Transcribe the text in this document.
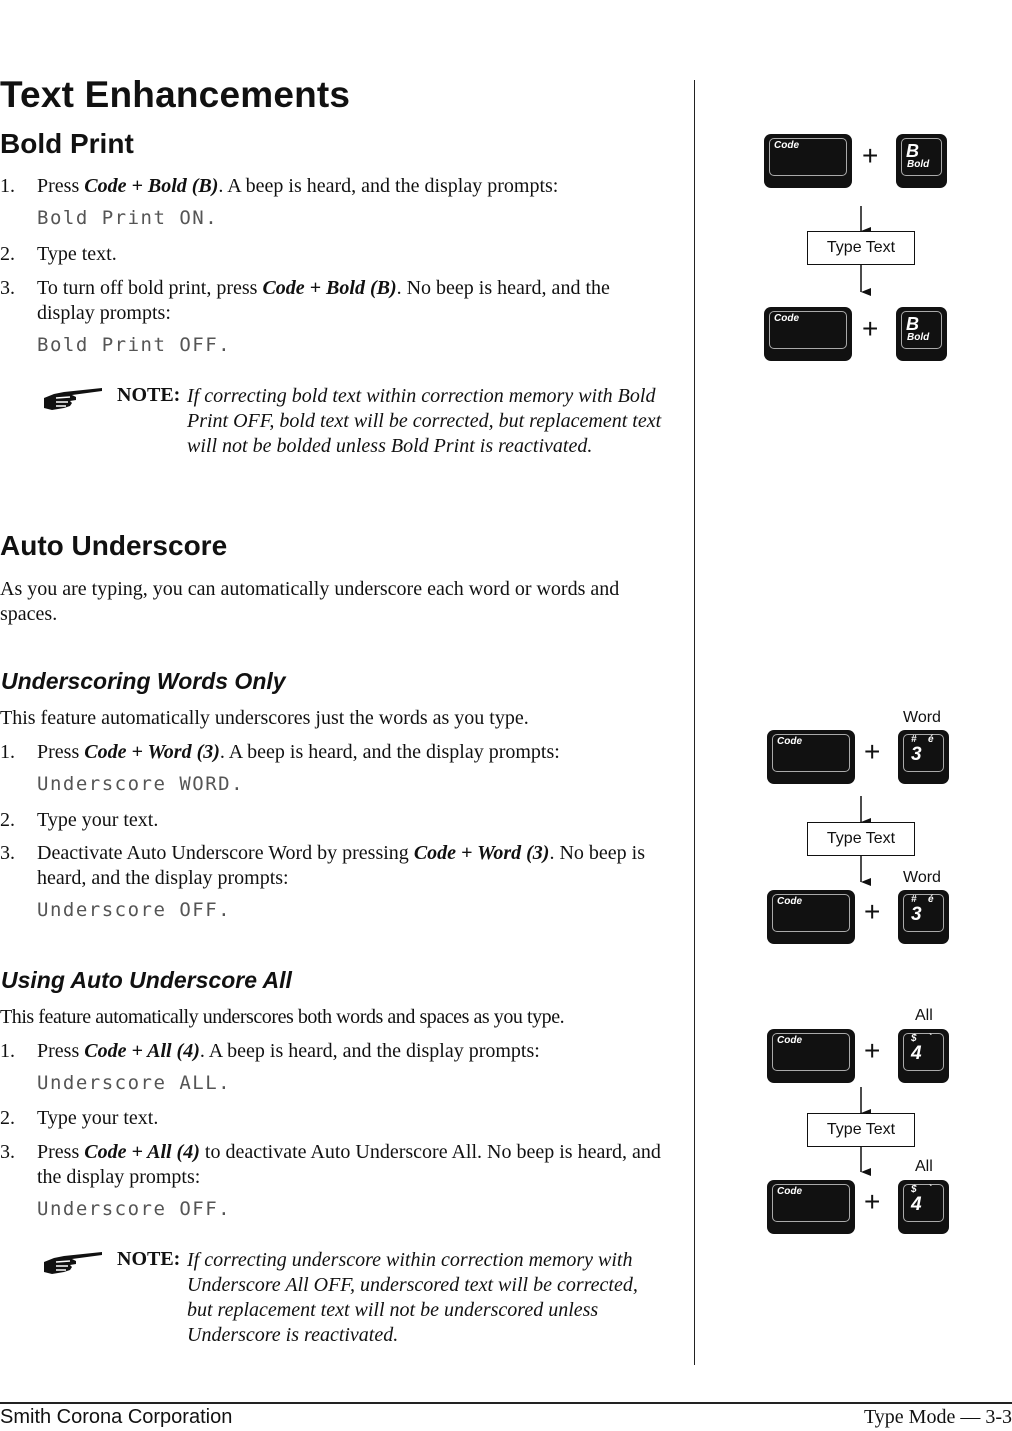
Text Enhancements
Bold Print
1. Press Code + Bold (B). A beep is heard, and the display prompts:
Bold Print ON.
2. Type text.
3. To turn off bold print, press Code + Bold (B). No beep is heard, and the display prompts:
Bold Print OFF.
NOTE: If correcting bold text within correction memory with Bold Print OFF, bold text will be corrected, but replacement text will not be bolded unless Bold Print is reactivated.
Auto Underscore
As you are typing, you can automatically underscore each word or words and spaces.
Underscoring Words Only
This feature automatically underscores just the words as you type.
1. Press Code + Word (3). A beep is heard, and the display prompts:
Underscore WORD.
2. Type your text.
3. Deactivate Auto Underscore Word by pressing Code + Word (3). No beep is heard, and the display prompts:
Underscore OFF.
Using Auto Underscore All
This feature automatically underscores both words and spaces as you type.
1. Press Code + All (4). A beep is heard, and the display prompts:
Underscore ALL.
2. Type your text.
3. Press Code + All (4) to deactivate Auto Underscore All. No beep is heard, and the display prompts:
Underscore OFF.
NOTE: If correcting underscore within correction memory with Underscore All OFF, underscored text will be corrected, but replacement text will not be underscored unless Underscore is reactivated.
Code + B
Bold
Type Text
Code + B
Bold
Word
Code +	# é
3
Type Text
Word
Code +	# é
3
All
Code +	$ `
4
Type Text
All
Code +	$ `
4
Smith Corona Corporation	Type Mode — 3-3
